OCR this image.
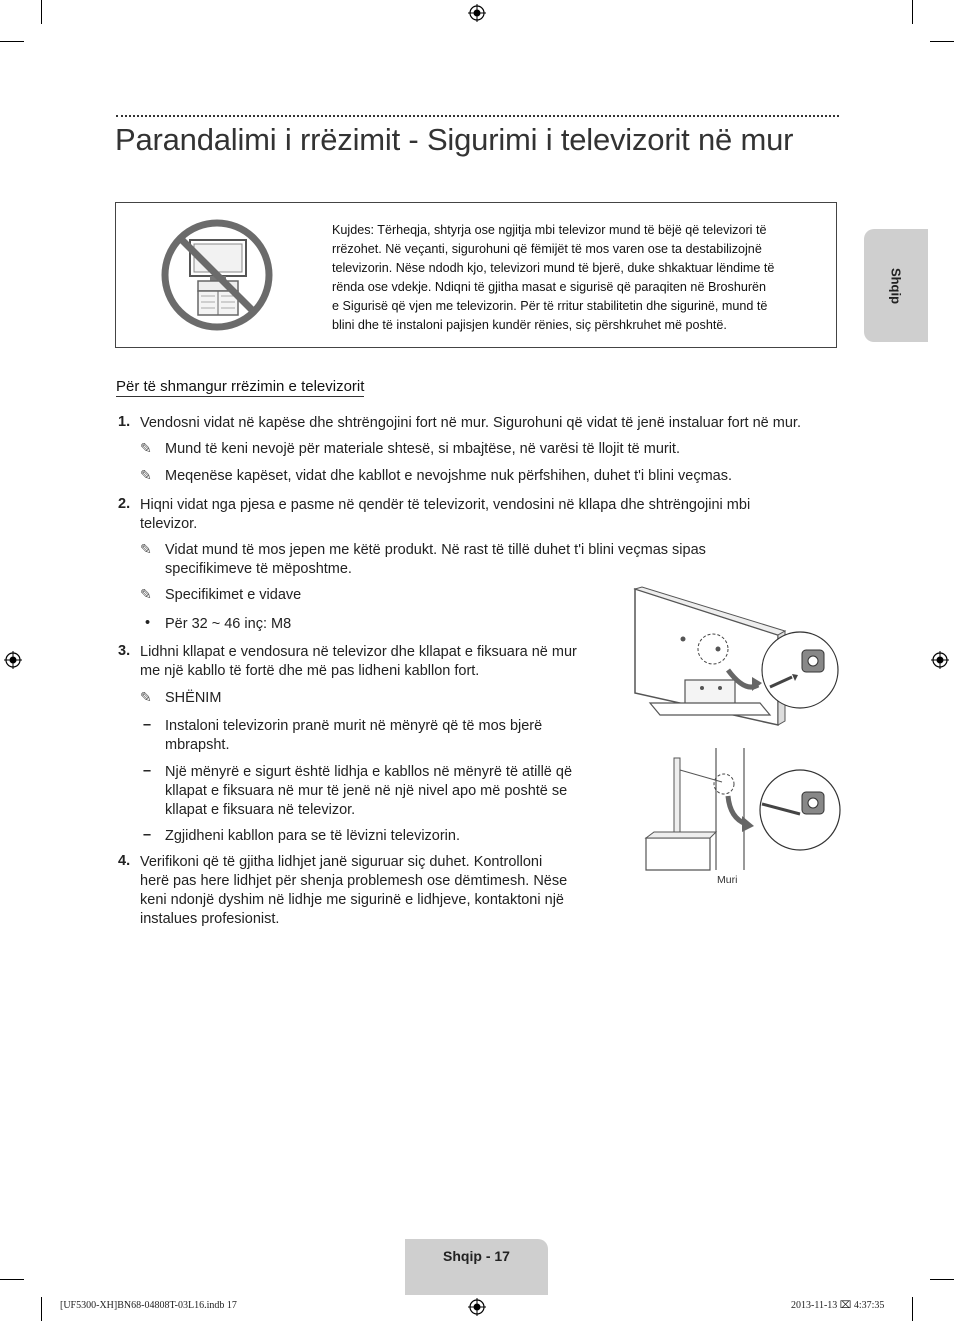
Parandalimi i rrëzimit - Sigurimi i televizorit në mur
Shqip

Kujdes: Tërheqja, shtyrja ose ngjitja mbi televizor mund të bëjë që televizori të
rrëzohet. Në veçanti, sigurohuni që fëmijët të mos varen ose ta destabilizojnë
televizorin. Nëse ndodh kjo, televizori mund të bjerë, duke shkaktuar lëndime të
rënda ose vdekje. Ndiqni të gjitha masat e sigurisë që paraqiten në Broshurën
e Sigurisë që vjen me televizorin. Për të rritur stabilitetin dhe sigurinë, mund të
blini dhe të instaloni pajisjen kundër rënies, siç përshkruhet më poshtë.

Për të shmangur rrëzimin e televizorit
1. Vendosni vidat në kapëse dhe shtrëngojini fort në mur. Sigurohuni që vidat të jenë instaluar fort në mur.

✎ Mund të keni nevojë për materiale shtesë, si mbajtëse, në varësi të llojit të murit.

✎ Meqenëse kapëset, vidat dhe kabllot e nevojshme nuk përfshihen, duhet t'i blini veçmas.

2. Hiqni vidat nga pjesa e pasme në qendër të televizorit, vendosini në kllapa dhe shtrëngojini mbi
televizor.

✎ Vidat mund të mos jepen me këtë produkt. Në rast të tillë duhet t'i blini veçmas sipas
specifikimeve të mëposhtme.

✎ Specifikimet e vidave

• Për 32 ~ 46 inç: M8

3. Lidhni kllapat e vendosura në televizor dhe kllapat e fiksuara në mur
me një kabllo të fortë dhe më pas lidheni kabllon fort.

✎ SHËNIM

– Instaloni televizorin pranë murit në mënyrë që të mos bjerë
mbrapsht.

– Një mënyrë e sigurt është lidhja e kabllos në mënyrë të atillë që
kllapat e fiksuara në mur të jenë në një nivel apo më poshtë se
kllapat e fiksuara në televizor.

– Zgjidheni kabllon para se të lëvizni televizorin.

4. Verifikoni që të gjitha lidhjet janë siguruar siç duhet. Kontrolloni
herë pas here lidhjet për shenja problemesh ose dëmtimesh. Nëse
keni ndonjë dyshim në lidhje me sigurinë e lidhjeve, kontaktoni një
instalues profesionist.

Muri
Shqip - 17
[UF5300-XH]BN68-04808T-03L16.indb 17	2013-11-13 ⌧ 4:37:35
